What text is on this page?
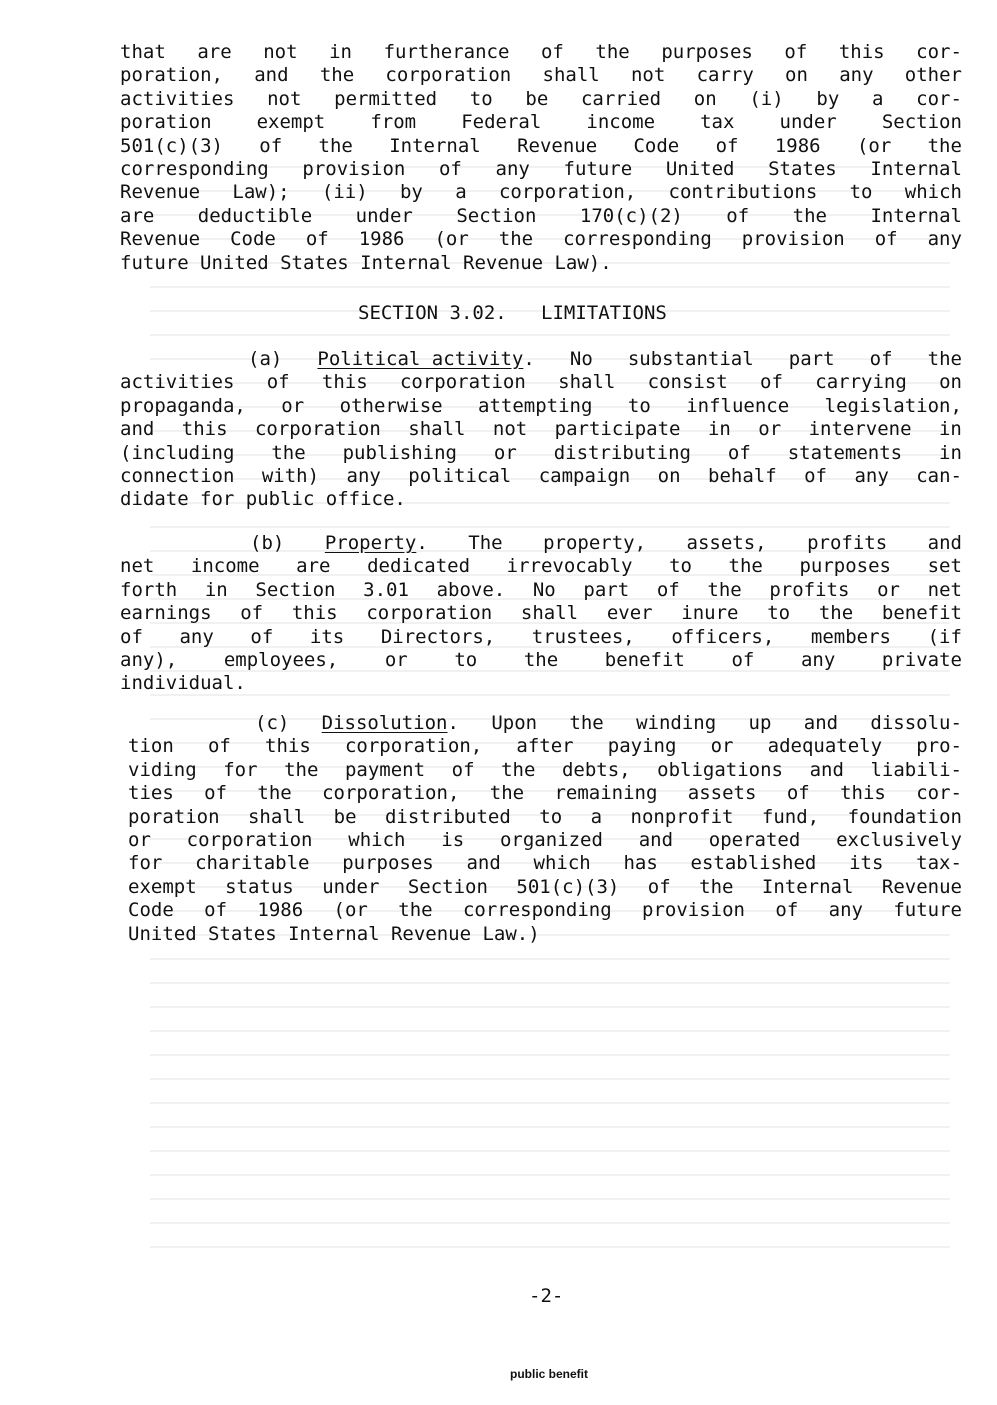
that are not in furtherance of the purposes of this cor-
poration, and the corporation shall not carry on any other
activities not permitted to be carried on (i) by a cor-
poration exempt from Federal income tax under Section
501(c)(3) of the Internal Revenue Code of 1986 (or the
corresponding provision of any future United States Internal
Revenue Law); (ii) by a corporation, contributions to which
are deductible under Section 170(c)(2) of the Internal
Revenue Code of 1986 (or the corresponding provision of any
future United States Internal Revenue Law).
SECTION 3.02.   LIMITATIONS
(a) Political activity. No substantial part of the
activities of this corporation shall consist of carrying on
propaganda, or otherwise attempting to influence legislation,
and this corporation shall not participate in or intervene in
(including the publishing or distributing of statements in
connection with) any political campaign on behalf of any can-
didate for public office.
(b) Property. The property, assets, profits and
net income are dedicated irrevocably to the purposes set
forth in Section 3.01 above. No part of the profits or net
earnings of this corporation shall ever inure to the benefit
of any of its Directors, trustees, officers, members (if
any), employees, or to the benefit of any private
individual.
(c) Dissolution. Upon the winding up and dissolu-
tion of this corporation, after paying or adequately pro-
viding for the payment of the debts, obligations and liabili-
ties of the corporation, the remaining assets of this cor-
poration shall be distributed to a nonprofit fund, foundation
or corporation which is organized and operated exclusively
for charitable purposes and which has established its tax-
exempt status under Section 501(c)(3) of the Internal Revenue
Code of 1986 (or the corresponding provision of any future
United States Internal Revenue Law.)
-2-
public benefit
